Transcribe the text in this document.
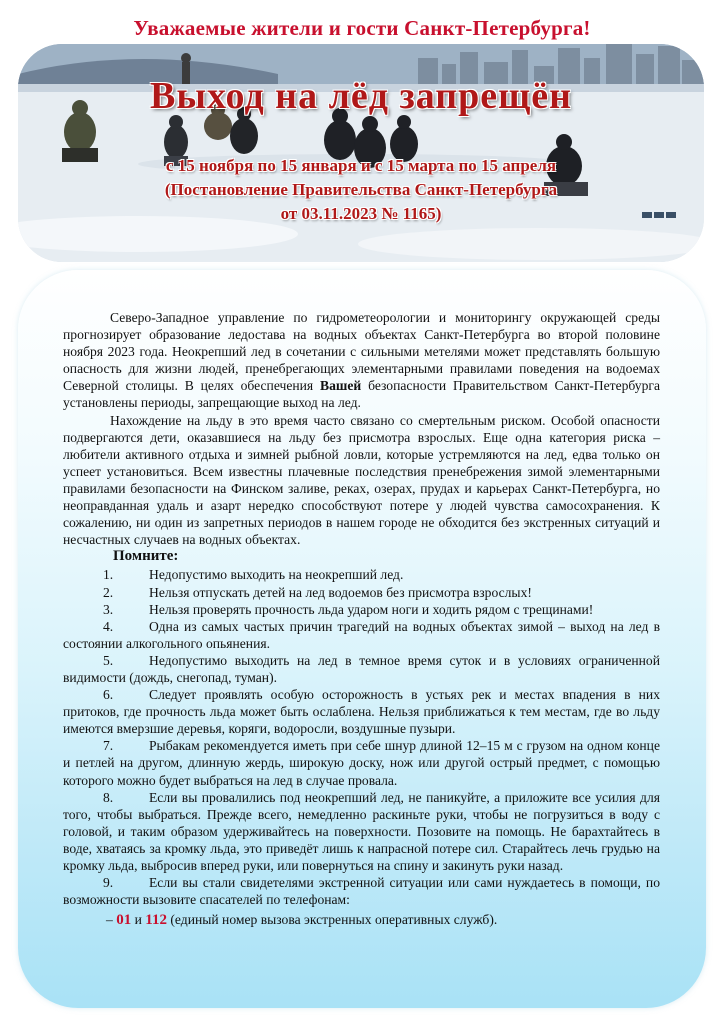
Уважаемые жители и гости Санкт-Петербурга!
Выход на лёд запрещён
с 15 ноября по 15 января и с 15 марта по 15 апреля
(Постановление Правительства Санкт-Петербурга
от 03.11.2023 № 1165)

Северо-Западное управление по гидрометеорологии и мониторингу окружающей среды прогнозирует образование ледостава на водных объектах Санкт-Петербурга во второй половине ноября 2023 года. Неокрепший лед в сочетании с сильными метелями может представлять большую опасность для жизни людей, пренебрегающих элементарными правилами поведения на водоемах Северной столицы. В целях обеспечения Вашей безопасности Правительством Санкт-Петербурга установлены периоды, запрещающие выход на лед.

Нахождение на льду в это время часто связано со смертельным риском. Особой опасности подвергаются дети, оказавшиеся на льду без присмотра взрослых. Еще одна категория риска – любители активного отдыха и зимней рыбной ловли, которые устремляются на лед, едва только он успеет установиться. Всем известны плачевные последствия пренебрежения зимой элементарными правилами безопасности на Финском заливе, реках, озерах, прудах и карьерах Санкт-Петербурга, но неоправданная удаль и азарт нередко способствуют потере у людей чувства самосохранения. К сожалению, ни один из запретных периодов в нашем городе не обходится без экстренных ситуаций и несчастных случаев на водных объектах.

Помните:

1.	Недопустимо выходить на неокрепший лед.

2.	Нельзя отпускать детей на лед водоемов без присмотра взрослых!

3.	Нельзя проверять прочность льда ударом ноги и ходить рядом с трещинами!

4.	Одна из самых частых причин трагедий на водных объектах зимой – выход на лед в состоянии алкогольного опьянения.

5.	Недопустимо выходить на лед в темное время суток и в условиях ограниченной видимости (дождь, снегопад, туман).

6.	Следует проявлять особую осторожность в устьях рек и местах впадения в них притоков, где прочность льда может быть ослаблена. Нельзя приближаться к тем местам, где во льду имеются вмерзшие деревья, коряги, водоросли, воздушные пузыри.

7.	Рыбакам рекомендуется иметь при себе шнур длиной 12–15 м с грузом на одном конце и петлей на другом, длинную жердь, широкую доску, нож или другой острый предмет, с помощью которого можно будет выбраться на лед в случае провала.

8.	Если вы провалились под неокрепший лед, не паникуйте, а приложите все усилия для того, чтобы выбраться. Прежде всего, немедленно раскиньте руки, чтобы не погрузиться в воду с головой, и таким образом удерживайтесь на поверхности. Позовите на помощь. Не барахтайтесь в воде, хватаясь за кромку льда, это приведёт лишь к напрасной потере сил. Старайтесь лечь грудью на кромку льда, выбросив вперед руки, или повернуться на спину и закинуть руки назад.

9.	Если вы стали свидетелями экстренной ситуации или сами нуждаетесь в помощи, по возможности вызовите спасателей по телефонам:

– 01 и 112 (единый номер вызова экстренных оперативных служб).
